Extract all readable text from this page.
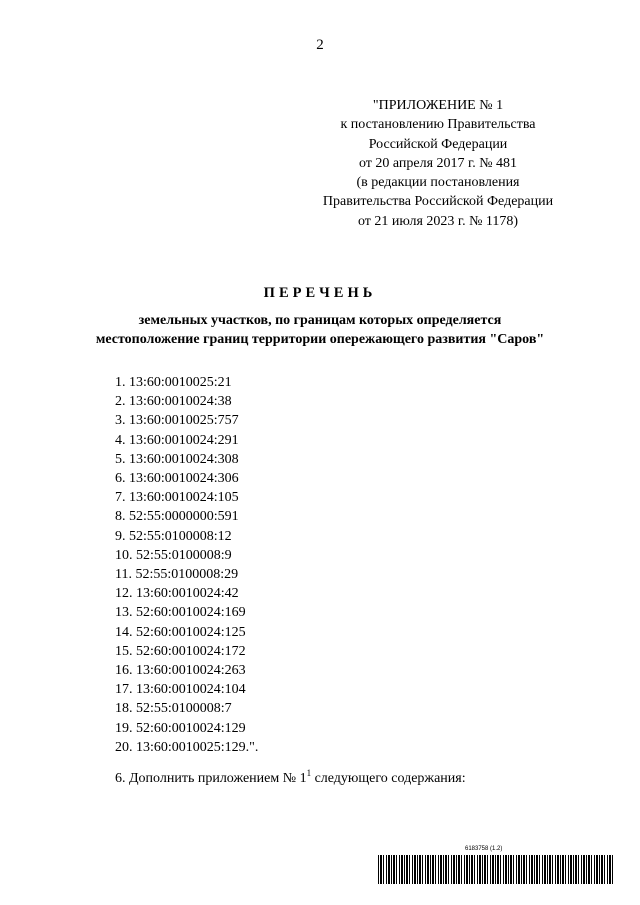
2
"ПРИЛОЖЕНИЕ № 1
к постановлению Правительства
Российской Федерации
от 20 апреля 2017 г. № 481
(в редакции постановления
Правительства Российской Федерации
от 21 июля 2023 г. № 1178)
ПЕРЕЧЕНЬ
земельных участков, по границам которых определяется
местоположение границ территории опережающего развития "Саров"
1. 13:60:0010025:21
2. 13:60:0010024:38
3. 13:60:0010025:757
4. 13:60:0010024:291
5. 13:60:0010024:308
6. 13:60:0010024:306
7. 13:60:0010024:105
8. 52:55:0000000:591
9. 52:55:0100008:12
10. 52:55:0100008:9
11. 52:55:0100008:29
12. 13:60:0010024:42
13. 52:60:0010024:169
14. 52:60:0010024:125
15. 52:60:0010024:172
16. 13:60:0010024:263
17. 13:60:0010024:104
18. 52:55:0100008:7
19. 52:60:0010024:129
20. 13:60:0010025:129.".
6. Дополнить приложением № $1^1$ следующего содержания:
6183758 (1.2)
